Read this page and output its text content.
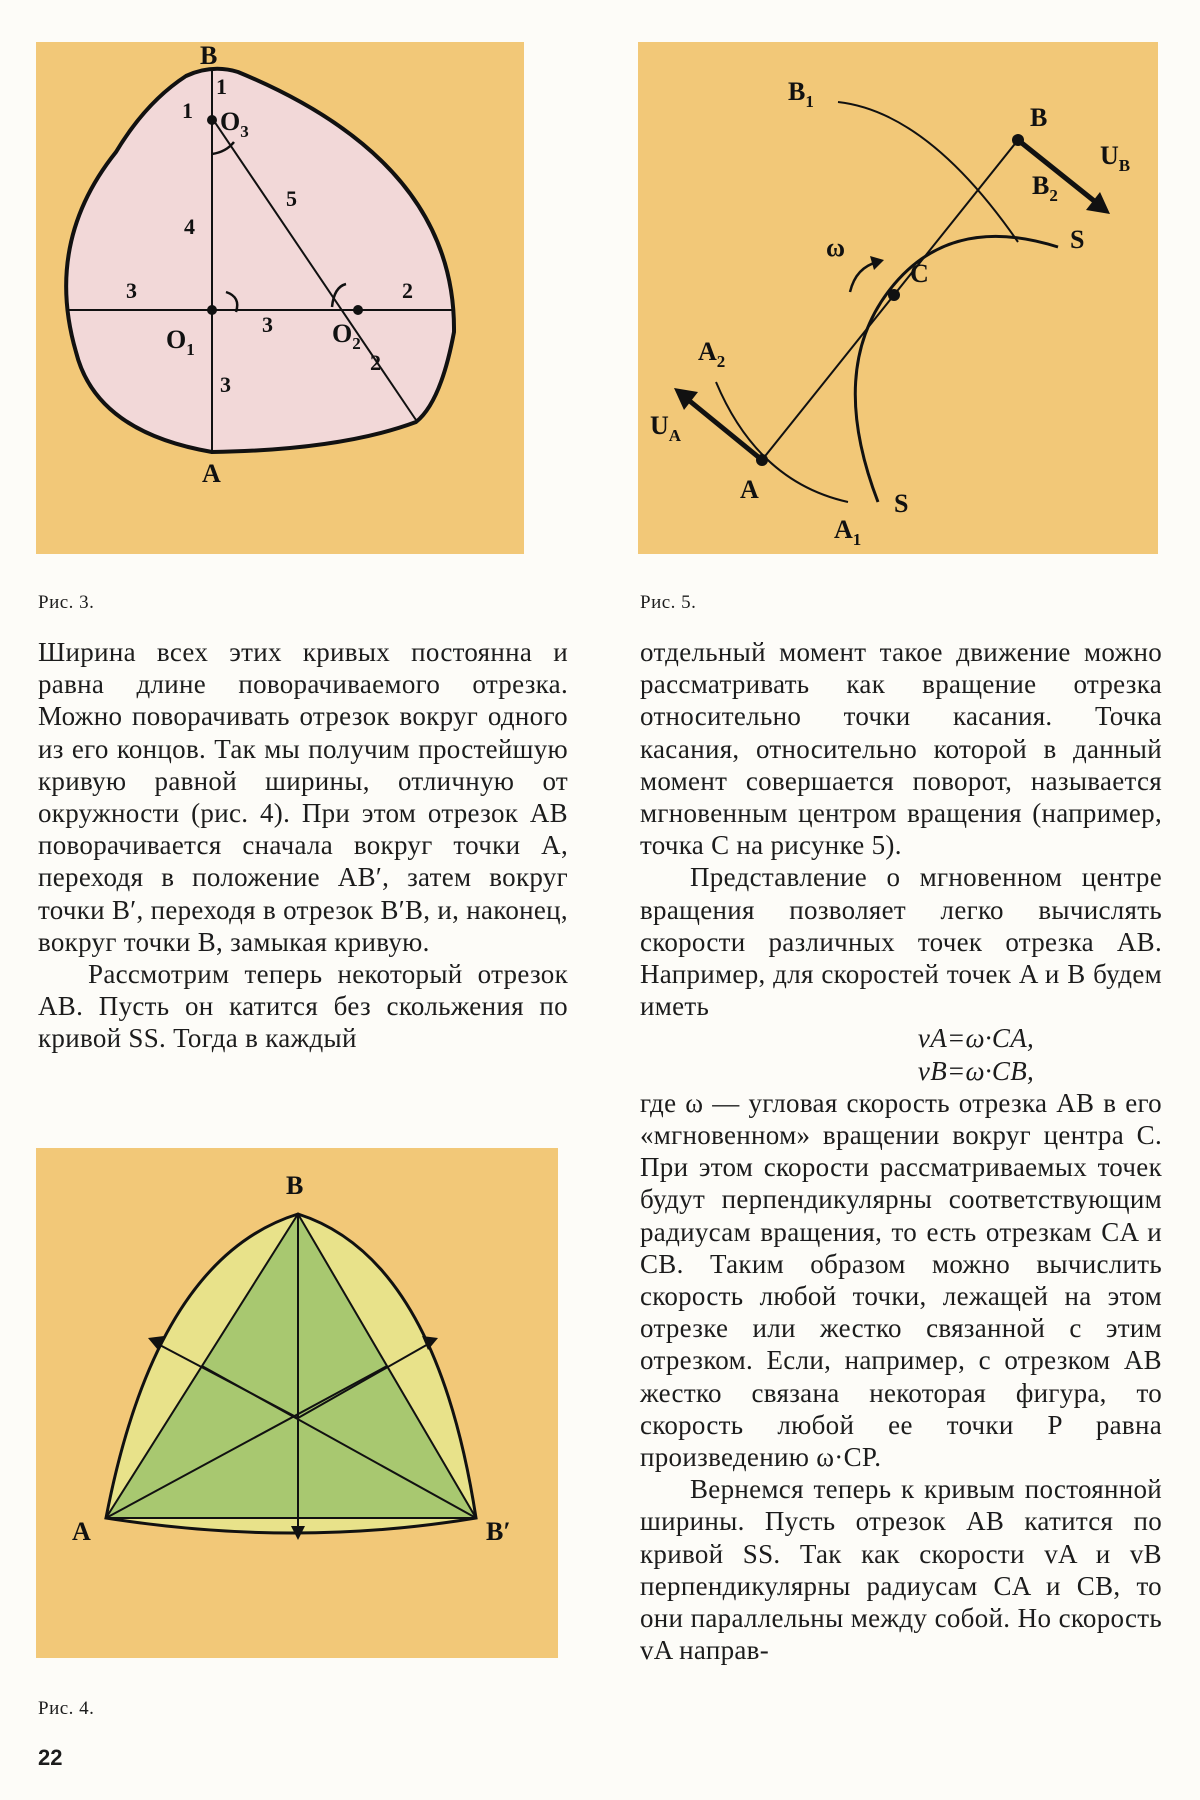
B
A
$O_3$
$O_1$
$O_2$
1
1
2
2
3
3
3
4
5
Рис. 3.
$B_1$
B
$U_B$
$B_2$
S
ω
C
$A_2$
$U_A$
A
$A_1$
S
Рис. 5.
B
A	B′
Рис. 4.

Ширина всех этих кривых постоянна и равна длине поворачиваемого отрезка. Можно поворачивать отрезок вокруг одного из его концов. Так мы получим простейшую кривую равной ширины, отличную от окружности (рис. 4). При этом отрезок AB поворачивается сначала вокруг точки A, переходя в положение AB′, затем вокруг точки B′, переходя в отрезок B′B, и, наконец, вокруг точки B, замыкая кривую.

Рассмотрим теперь некоторый отрезок AB. Пусть он катится без скольжения по кривой SS. Тогда в каждый

отдельный момент такое движение можно рассматривать как вращение отрезка относительно точки касания. Точка касания, относительно которой в данный момент совершается поворот, называется мгновенным центром вращения (например, точка C на рисунке 5).

Представление о мгновенном центре вращения позволяет легко вычислять скорости различных точек отрезка AB. Например, для скоростей точек A и B будем иметь

vA=ω·CA,

vB=ω·CB,

где ω — угловая скорость отрезка AB в его «мгновенном» вращении вокруг центра C. При этом скорости рассматриваемых точек будут перпендикулярны соответствующим радиусам вращения, то есть отрезкам CA и CB. Таким образом можно вычислить скорость любой точки, лежащей на этом отрезке или жестко связанной с этим отрезком. Если, например, с отрезком AB жестко связана некоторая фигура, то скорость любой ее точки P равна произведению ω·CP.

Вернемся теперь к кривым постоянной ширины. Пусть отрезок AB катится по кривой SS. Так как скорости vA и vB перпендикулярны радиусам CA и CB, то они параллельны между собой. Но скорость vA направ-

22
